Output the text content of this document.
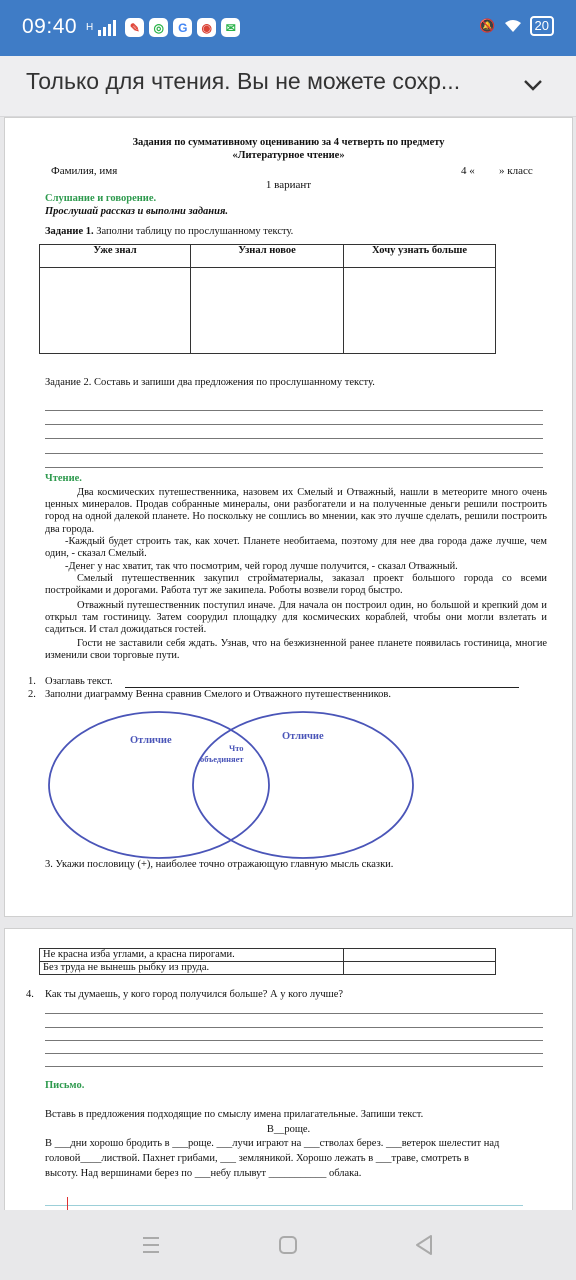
09:40 H	✎	◎	G	◉	✉	🔕	20
Только для чтения. Вы не можете сохр...
Задания по суммативному оцениванию за 4 четверть по предмету
«Литературное чтение»
Фамилия, имя	4 « » класс
1 вариант
Слушание и говорение.
Прослушай рассказ и выполни задания.
Задание 1. Заполни таблицу по прослушанному тексту.
Уже знал	Узнал новое	Хочу узнать больше

Задание 2. Составь и запиши два предложения по прослушанному тексту.
Чтение.
Два космических путешественника, назовем их Смелый и Отважный, нашли в метеорите много очень ценных минералов. Продав собранные минералы, они разбогатели и на полученные деньги решили построить город на одной далекой планете. Но поскольку не сошлись во мнении, как это лучше сделать, решили построить два города.
-Каждый будет строить так, как хочет. Планете необитаема, поэтому для нее два города даже лучше, чем один, - сказал Смелый.
-Денег у нас хватит, так что посмотрим, чей город лучше получится, - сказал Отважный.
Смелый путешественник закупил стройматериалы, заказал проект большого города со всеми постройками и дорогами. Работа тут же закипела. Роботы возвели город быстро.
Отважный путешественник поступил иначе. Для начала он построил один, но большой и крепкий дом и открыл там гостиницу. Затем соорудил площадку для космических кораблей, чтобы они могли взлетать и садиться. И стал дожидаться гостей.
Гости не заставили себя ждать. Узнав, что на безжизненной ранее планете появилась гостиница, многие изменили свои торговые пути.
1. Озаглавь текст.
2. Заполни диаграмму Венна сравнив Смелого и Отважного путешественников.
Отличие	Отличие
Что
объединяет
3. Укажи пословицу (+), наиболее точно отражающую главную мысль сказки.
Не красна изба углами, а красна пирогами.	
Без труда не вынешь рыбку из пруда.	
4. Как ты думаешь, у кого город получился больше? А у кого лучше?
Письмо.
Вставь в предложения подходящие по смыслу имена прилагательные. Запиши текст.
В__роще.
В ___дни хорошо бродить в ___роще. ___лучи играют на ___стволах берез. ___ветерок шелестит над
головой____листвой. Пахнет грибами, ___ земляникой. Хорошо лежать в ___траве, смотреть в
высоту. Над вершинами берез по ___небу плывут ___________ облака.
